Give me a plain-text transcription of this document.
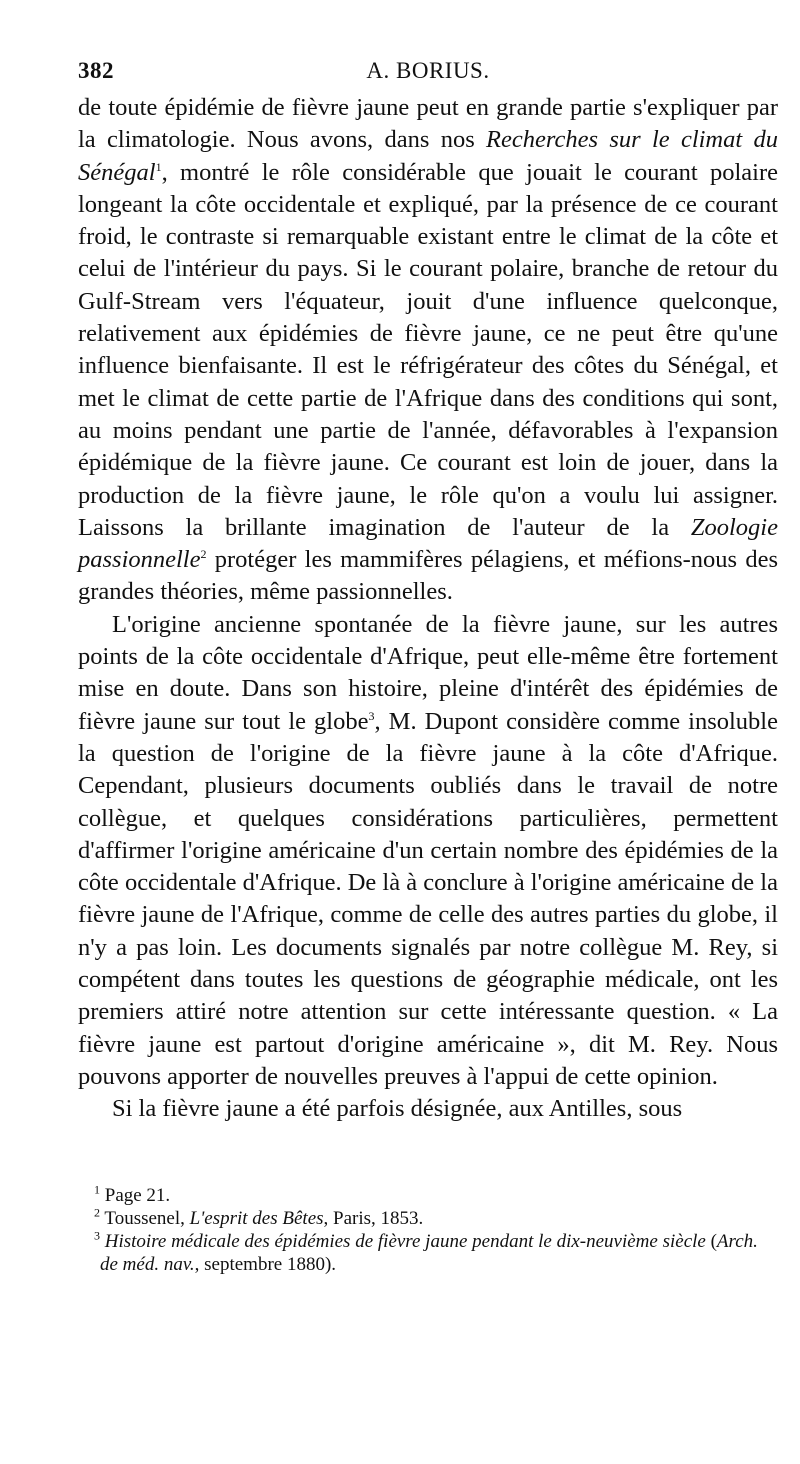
382	A. BORIUS.

de toute épidémie de fièvre jaune peut en grande partie s'expliquer par la climatologie. Nous avons, dans nos Recherches sur le climat du Sénégal$^1$, montré le rôle considérable que jouait le courant polaire longeant la côte occidentale et expliqué, par la présence de ce courant froid, le contraste si remarquable existant entre le climat de la côte et celui de l'intérieur du pays. Si le courant polaire, branche de retour du Gulf-Stream vers l'équateur, jouit d'une influence quelconque, relativement aux épidémies de fièvre jaune, ce ne peut être qu'une influence bienfaisante. Il est le réfrigérateur des côtes du Sénégal, et met le climat de cette partie de l'Afrique dans des conditions qui sont, au moins pendant une partie de l'année, défavorables à l'expansion épidémique de la fièvre jaune. Ce courant est loin de jouer, dans la production de la fièvre jaune, le rôle qu'on a voulu lui assigner. Laissons la brillante imagination de l'auteur de la Zoologie passionnelle$^2$ protéger les mammifères pélagiens, et méfions-nous des grandes théories, même passionnelles.

L'origine ancienne spontanée de la fièvre jaune, sur les autres points de la côte occidentale d'Afrique, peut elle-même être fortement mise en doute. Dans son histoire, pleine d'intérêt des épidémies de fièvre jaune sur tout le globe$^3$, M. Dupont considère comme insoluble la question de l'origine de la fièvre jaune à la côte d'Afrique. Cependant, plusieurs documents oubliés dans le travail de notre collègue, et quelques considérations particulières, permettent d'affirmer l'origine américaine d'un certain nombre des épidémies de la côte occidentale d'Afrique. De là à conclure à l'origine américaine de la fièvre jaune de l'Afrique, comme de celle des autres parties du globe, il n'y a pas loin. Les documents signalés par notre collègue M. Rey, si compétent dans toutes les questions de géographie médicale, ont les premiers attiré notre attention sur cette intéressante question. « La fièvre jaune est partout d'origine américaine », dit M. Rey. Nous pouvons apporter de nouvelles preuves à l'appui de cette opinion.

Si la fièvre jaune a été parfois désignée, aux Antilles, sous

$^1$ Page 21.

$^2$ Toussenel, L'esprit des Bêtes, Paris, 1853.

$^3$ Histoire médicale des épidémies de fièvre jaune pendant le dix-neuvième siècle (Arch. de méd. nav., septembre 1880).
